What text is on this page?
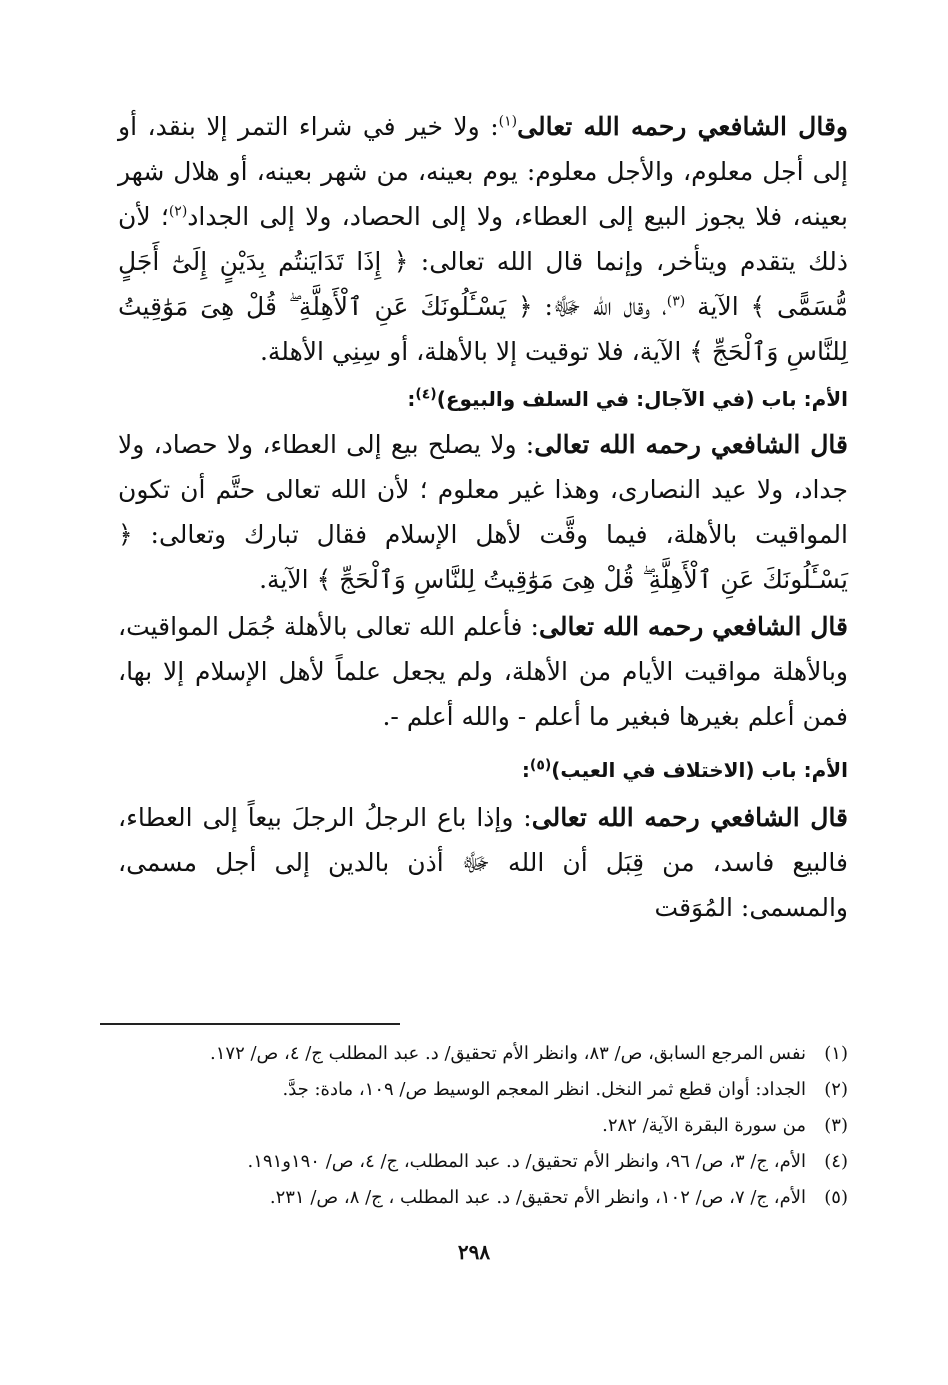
وقال الشافعي رحمه الله تعالى$^{(١)}$: ولا خير في شراء التمر إلا بنقد، أو إلى أجل معلوم، والأجل معلوم: يوم بعينه، من شهر بعينه، أو هلال شهر بعينه، فلا يجوز البيع إلى العطاء، ولا إلى الحصاد، ولا إلى الجداد$^{(٢)}$؛ لأن ذلك يتقدم ويتأخر، وإنما قال الله تعالى: ﴿ إِذَا تَدَايَنتُم بِدَيْنٍ إِلَىٰٓ أَجَلٍ مُّسَمًّى ﴾ الآية $^{(٣)}$، وقال الله ﷻ: ﴿ يَسْـَٔلُونَكَ عَنِ ٱلْأَهِلَّةِ ۖ قُلْ هِىَ مَوَٰقِيتُ لِلنَّاسِ وَٱلْحَجِّ ﴾ الآية، فلا توقيت إلا بالأهلة، أو سِنِي الأهلة.

الأم: باب (في الآجال: في السلف والبيوع)$^{(٤)}$:

قال الشافعي رحمه الله تعالى: ولا يصلح بيع إلى العطاء، ولا حصاد، ولا جداد، ولا عيد النصارى، وهذا غير معلوم ؛ لأن الله تعالى حتَّم أن تكون المواقيت بالأهلة، فيما وقَّت لأهل الإسلام فقال تبارك وتعالى: ﴿ يَسْـَٔلُونَكَ عَنِ ٱلْأَهِلَّةِ ۖ قُلْ هِىَ مَوَٰقِيتُ لِلنَّاسِ وَٱلْحَجِّ ﴾ الآية.

قال الشافعي رحمه الله تعالى: فأعلم الله تعالى بالأهلة جُمَل المواقيت، وبالأهلة مواقيت الأيام من الأهلة، ولم يجعل علماً لأهل الإسلام إلا بها، فمن أعلم بغيرها فبغير ما أعلم - والله أعلم -.

الأم: باب (الاختلاف في العيب)$^{(٥)}$:

قال الشافعي رحمه الله تعالى: وإذا باع الرجلُ الرجلَ بيعاً إلى العطاء، فالبيع فاسد، من قِبَل أن الله ﷻ أذن بالدين إلى أجل مسمى، والمسمى: المُوَقت

(١)
نفس المرجع السابق، ص/ ٨٣، وانظر الأم تحقيق/ د. عبد المطلب ج/ ٤، ص/ ١٧٢.
(٢)
الجداد: أوان قطع ثمر النخل. انظر المعجم الوسيط ص/ ١٠٩، مادة: جدَّ.
(٣)
من سورة البقرة الآية/ ٢٨٢.
(٤)
الأم، ج/ ٣، ص/ ٩٦، وانظر الأم تحقيق/ د. عبد المطلب، ج/ ٤، ص/ ١٩٠و١٩١.
(٥)
الأم، ج/ ٧، ص/ ١٠٢، وانظر الأم تحقيق/ د. عبد المطلب ، ج/ ٨، ص/ ٢٣١.
٢٩٨
